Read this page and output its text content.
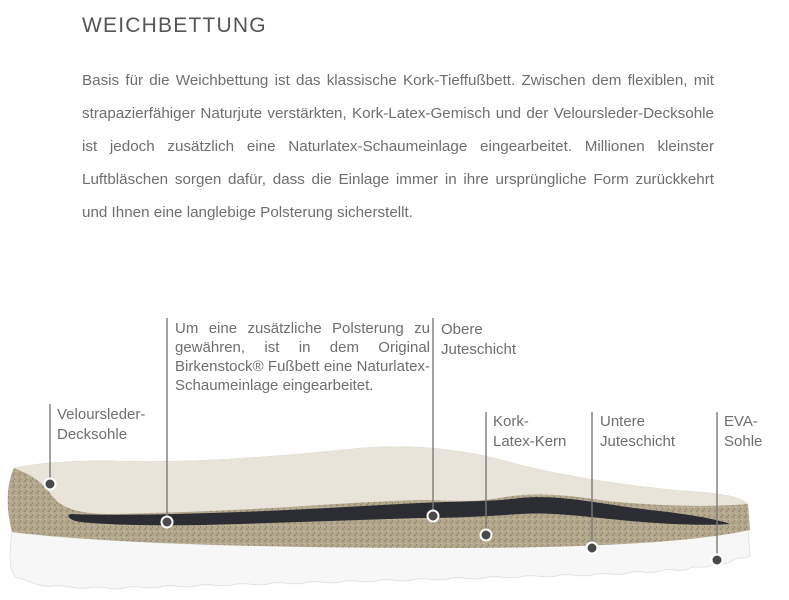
WEICHBETTUNG

Basis für die Weichbettung ist das klassische Kork-Tieffußbett. Zwischen dem flexiblen, mit strapazierfähiger Naturjute verstärkten, Kork-Latex-Gemisch und der Veloursleder-Decksohle ist jedoch zusätzlich eine Naturlatex-Schaumeinlage eingearbeitet. Millionen kleinster Luftbläschen sorgen dafür, dass die Einlage immer in ihre ursprüngliche Form zurückkehrt und Ihnen eine langlebige Polsterung sicherstellt.

Um eine zusätzliche Polsterung zu gewähren, ist in dem Original Birkenstock® Fußbett eine Naturlatex-Schaumeinlage eingearbeitet.
Veloursleder-
Decksohle
Obere
Juteschicht
Kork-
Latex-Kern
Untere
Juteschicht
EVA-
Sohle
